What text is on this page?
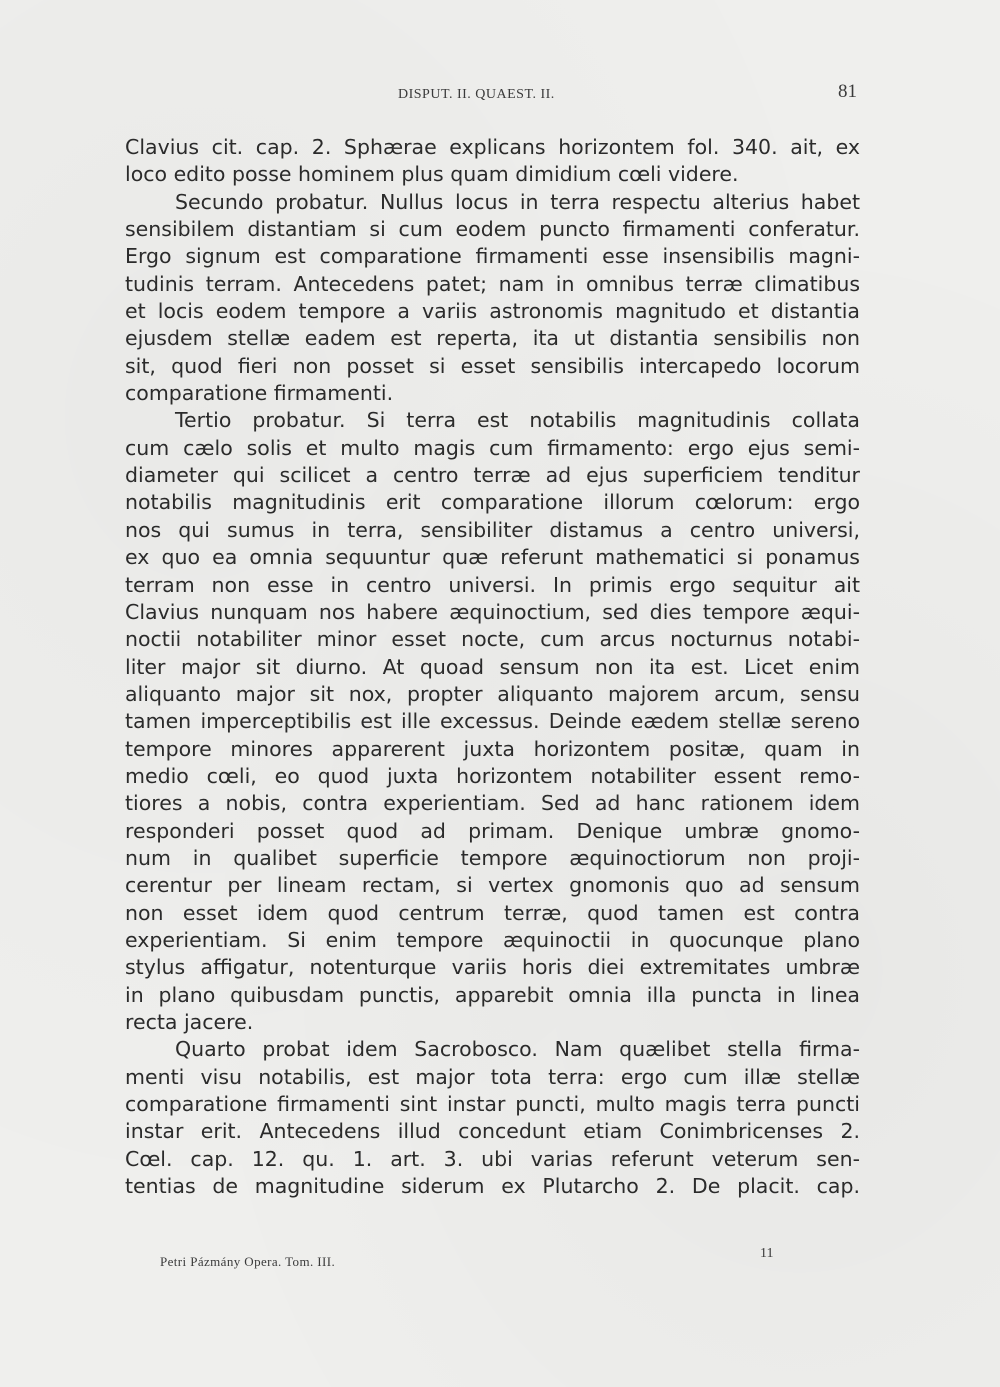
DISPUT. II. QUAEST. II.	81
Clavius cit. cap. 2. Sphærae explicans horizontem fol. 340. ait, ex
loco edito posse hominem plus quam dimidium cœli videre.
Secundo probatur. Nullus locus in terra respectu alterius habet
sensibilem distantiam si cum eodem puncto firmamenti conferatur.
Ergo signum est comparatione firmamenti esse insensibilis magni-
tudinis terram. Antecedens patet; nam in omnibus terræ climatibus
et locis eodem tempore a variis astronomis magnitudo et distantia
ejusdem stellæ eadem est reperta, ita ut distantia sensibilis non
sit, quod fieri non posset si esset sensibilis intercapedo locorum
comparatione firmamenti.
Tertio probatur. Si terra est notabilis magnitudinis collata
cum cælo solis et multo magis cum firmamento: ergo ejus semi-
diameter qui scilicet a centro terræ ad ejus superficiem tenditur
notabilis magnitudinis erit comparatione illorum cœlorum: ergo
nos qui sumus in terra, sensibiliter distamus a centro universi,
ex quo ea omnia sequuntur quæ referunt mathematici si ponamus
terram non esse in centro universi. In primis ergo sequitur ait
Clavius nunquam nos habere æquinoctium, sed dies tempore æqui-
noctii notabiliter minor esset nocte, cum arcus nocturnus notabi-
liter major sit diurno. At quoad sensum non ita est. Licet enim
aliquanto major sit nox, propter aliquanto majorem arcum, sensu
tamen imperceptibilis est ille excessus. Deinde eædem stellæ sereno
tempore minores apparerent juxta horizontem positæ, quam in
medio cœli, eo quod juxta horizontem notabiliter essent remo-
tiores a nobis, contra experientiam. Sed ad hanc rationem idem
responderi posset quod ad primam. Denique umbræ gnomo-
num in qualibet superficie tempore æquinoctiorum non proji-
cerentur per lineam rectam, si vertex gnomonis quo ad sensum
non esset idem quod centrum terræ, quod tamen est contra
experientiam. Si enim tempore æquinoctii in quocunque plano
stylus affigatur, notenturque variis horis diei extremitates umbræ
in plano quibusdam punctis, apparebit omnia illa puncta in linea
recta jacere.
Quarto probat idem Sacrobosco. Nam quælibet stella firma-
menti visu notabilis, est major tota terra: ergo cum illæ stellæ
comparatione firmamenti sint instar puncti, multo magis terra puncti
instar erit. Antecedens illud concedunt etiam Conimbricenses 2.
Cœl. cap. 12. qu. 1. art. 3. ubi varias referunt veterum sen-
tentias de magnitudine siderum ex Plutarcho 2. De placit. cap.
Petri Pázmány Opera. Tom. III.
11
